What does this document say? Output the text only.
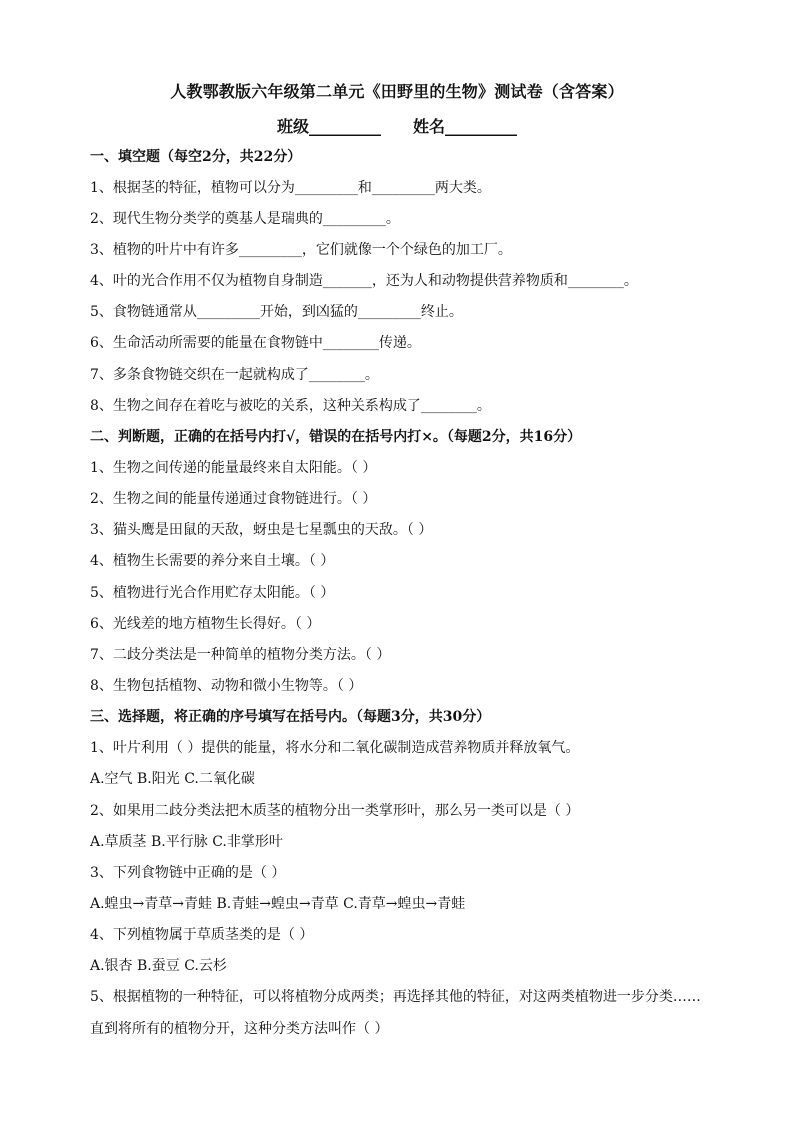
人教鄂教版六年级第二单元《田野里的生物》测试卷（含答案）
班级_________ 姓名_________
一、填空题（每空2分，共22分）
1、根据茎的特征，植物可以分为_________和_________两大类。
2、现代生物分类学的奠基人是瑞典的_________。
3、植物的叶片中有许多_________，它们就像一个个绿色的加工厂。
4、叶的光合作用不仅为植物自身制造_______，还为人和动物提供营养物质和________。
5、食物链通常从_________开始，到凶猛的_________终止。
6、生命活动所需要的能量在食物链中________传递。
7、多条食物链交织在一起就构成了________。
8、生物之间存在着吃与被吃的关系，这种关系构成了________。
二、判断题，正确的在括号内打√，错误的在括号内打×。（每题2分，共16分）
1、生物之间传递的能量最终来自太阳能。（ ）
2、生物之间的能量传递通过食物链进行。（ ）
3、猫头鹰是田鼠的天敌，蚜虫是七星瓢虫的天敌。（ ）
4、植物生长需要的养分来自土壤。（ ）
5、植物进行光合作用贮存太阳能。（ ）
6、光线差的地方植物生长得好。（ ）
7、二歧分类法是一种简单的植物分类方法。（ ）
8、生物包括植物、动物和微小生物等。（ ）
三、选择题，将正确的序号填写在括号内。（每题3分，共30分）
1、叶片利用（ ）提供的能量，将水分和二氧化碳制造成营养物质并释放氧气。
A.空气 B.阳光 C.二氧化碳
2、如果用二歧分类法把木质茎的植物分出一类掌形叶，那么另一类可以是（ ）
A.草质茎 B.平行脉 C.非掌形叶
3、下列食物链中正确的是（ ）
A.蝗虫→青草→青蛙 B.青蛙→蝗虫→青草 C.青草→蝗虫→青蛙
4、下列植物属于草质茎类的是（ ）
A.银杏 B.蚕豆 C.云杉
5、根据植物的一种特征，可以将植物分成两类；再选择其他的特征，对这两类植物进一步分类……
直到将所有的植物分开，这种分类方法叫作（ ）
